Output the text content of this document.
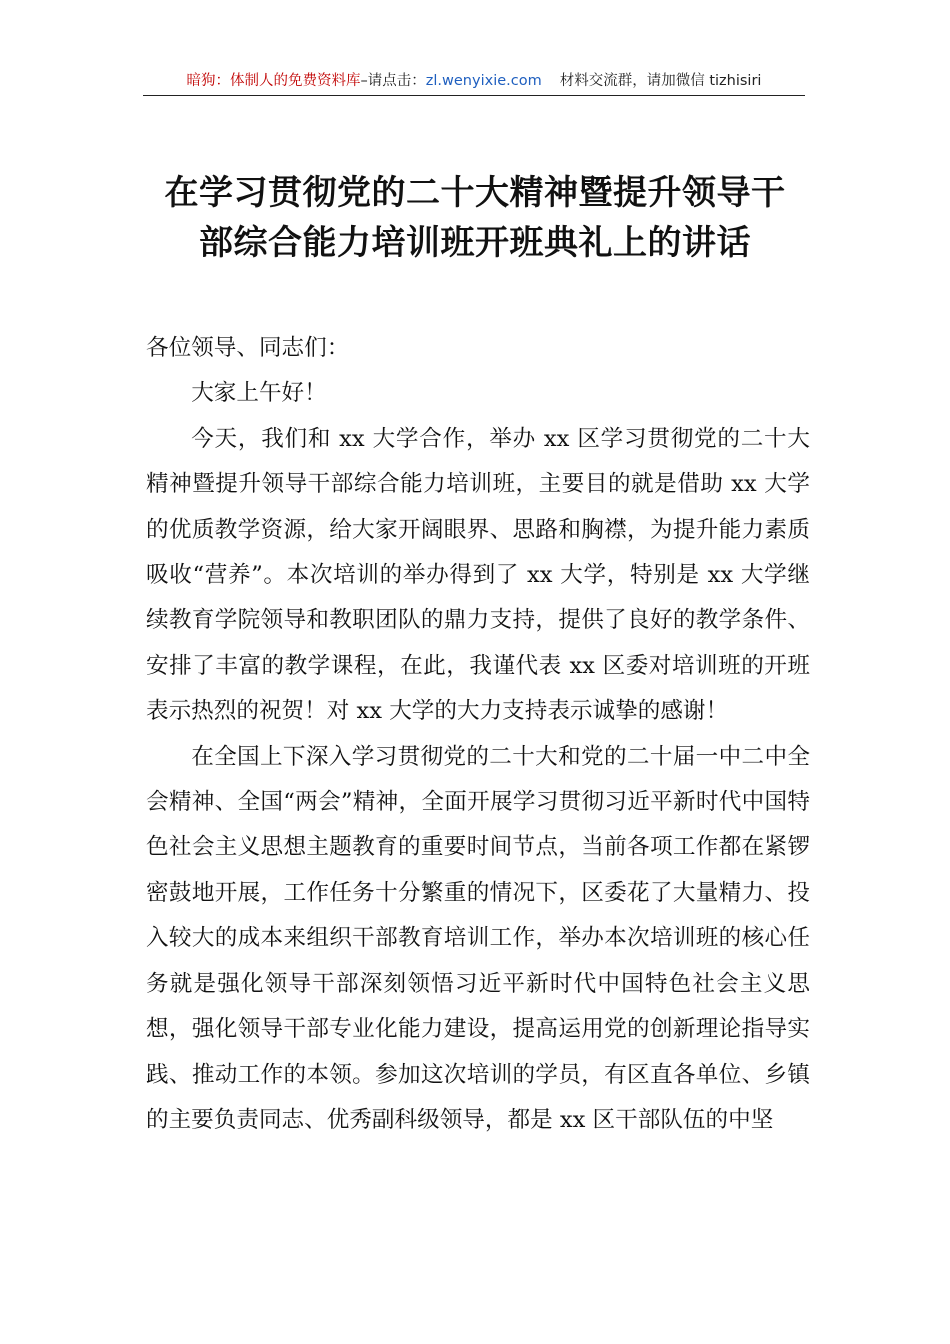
暗狗：体制人的免费资料库–请点击：zl.wenyixie.com 材料交流群，请加微信 tizhisiri
在学习贯彻党的二十大精神暨提升领导干
部综合能力培训班开班典礼上的讲话

各位领导、同志们：

大家上午好！

今天，我们和 xx 大学合作，举办 xx 区学习贯彻党的二十大精神暨提升领导干部综合能力培训班，主要目的就是借助 xx 大学的优质教学资源，给大家开阔眼界、思路和胸襟，为提升能力素质吸收“营养”。本次培训的举办得到了 xx 大学，特别是 xx 大学继续教育学院领导和教职团队的鼎力支持，提供了良好的教学条件、安排了丰富的教学课程，在此，我谨代表 xx 区委对培训班的开班表示热烈的祝贺！对 xx 大学的大力支持表示诚挚的感谢！

在全国上下深入学习贯彻党的二十大和党的二十届一中二中全会精神、全国“两会”精神，全面开展学习贯彻习近平新时代中国特色社会主义思想主题教育的重要时间节点，当前各项工作都在紧锣密鼓地开展，工作任务十分繁重的情况下，区委花了大量精力、投入较大的成本来组织干部教育培训工作，举办本次培训班的核心任务就是强化领导干部深刻领悟习近平新时代中国特色社会主义思想，强化领导干部专业化能力建设，提高运用党的创新理论指导实践、推动工作的本领。参加这次培训的学员，有区直各单位、乡镇的主要负责同志、优秀副科级领导，都是 xx 区干部队伍的中坚
